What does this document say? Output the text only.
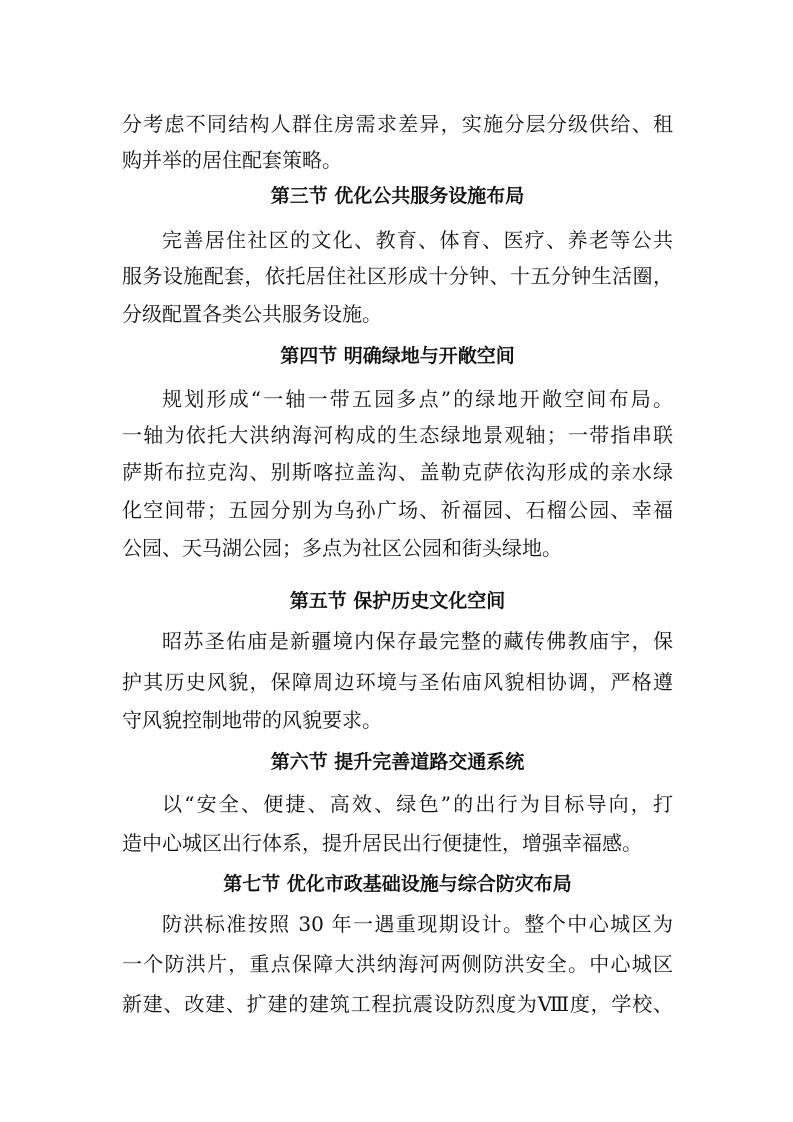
分考虑不同结构人群住房需求差异，实施分层分级供给、租
购并举的居住配套策略。
第三节 优化公共服务设施布局
完善居住社区的文化、教育、体育、医疗、养老等公共
服务设施配套，依托居住社区形成十分钟、十五分钟生活圈，
分级配置各类公共服务设施。
第四节 明确绿地与开敞空间
规划形成“一轴一带五园多点”的绿地开敞空间布局。
一轴为依托大洪纳海河构成的生态绿地景观轴；一带指串联
萨斯布拉克沟、别斯喀拉盖沟、盖勒克萨依沟形成的亲水绿
化空间带；五园分别为乌孙广场、祈福园、石榴公园、幸福
公园、天马湖公园；多点为社区公园和街头绿地。
第五节 保护历史文化空间
昭苏圣佑庙是新疆境内保存最完整的藏传佛教庙宇，保
护其历史风貌，保障周边环境与圣佑庙风貌相协调，严格遵
守风貌控制地带的风貌要求。
第六节 提升完善道路交通系统
以“安全、便捷、高效、绿色”的出行为目标导向，打
造中心城区出行体系，提升居民出行便捷性，增强幸福感。
第七节 优化市政基础设施与综合防灾布局
防洪标准按照 30 年一遇重现期设计。整个中心城区为
一个防洪片，重点保障大洪纳海河两侧防洪安全。中心城区
新建、改建、扩建的建筑工程抗震设防烈度为Ⅷ度，学校、
